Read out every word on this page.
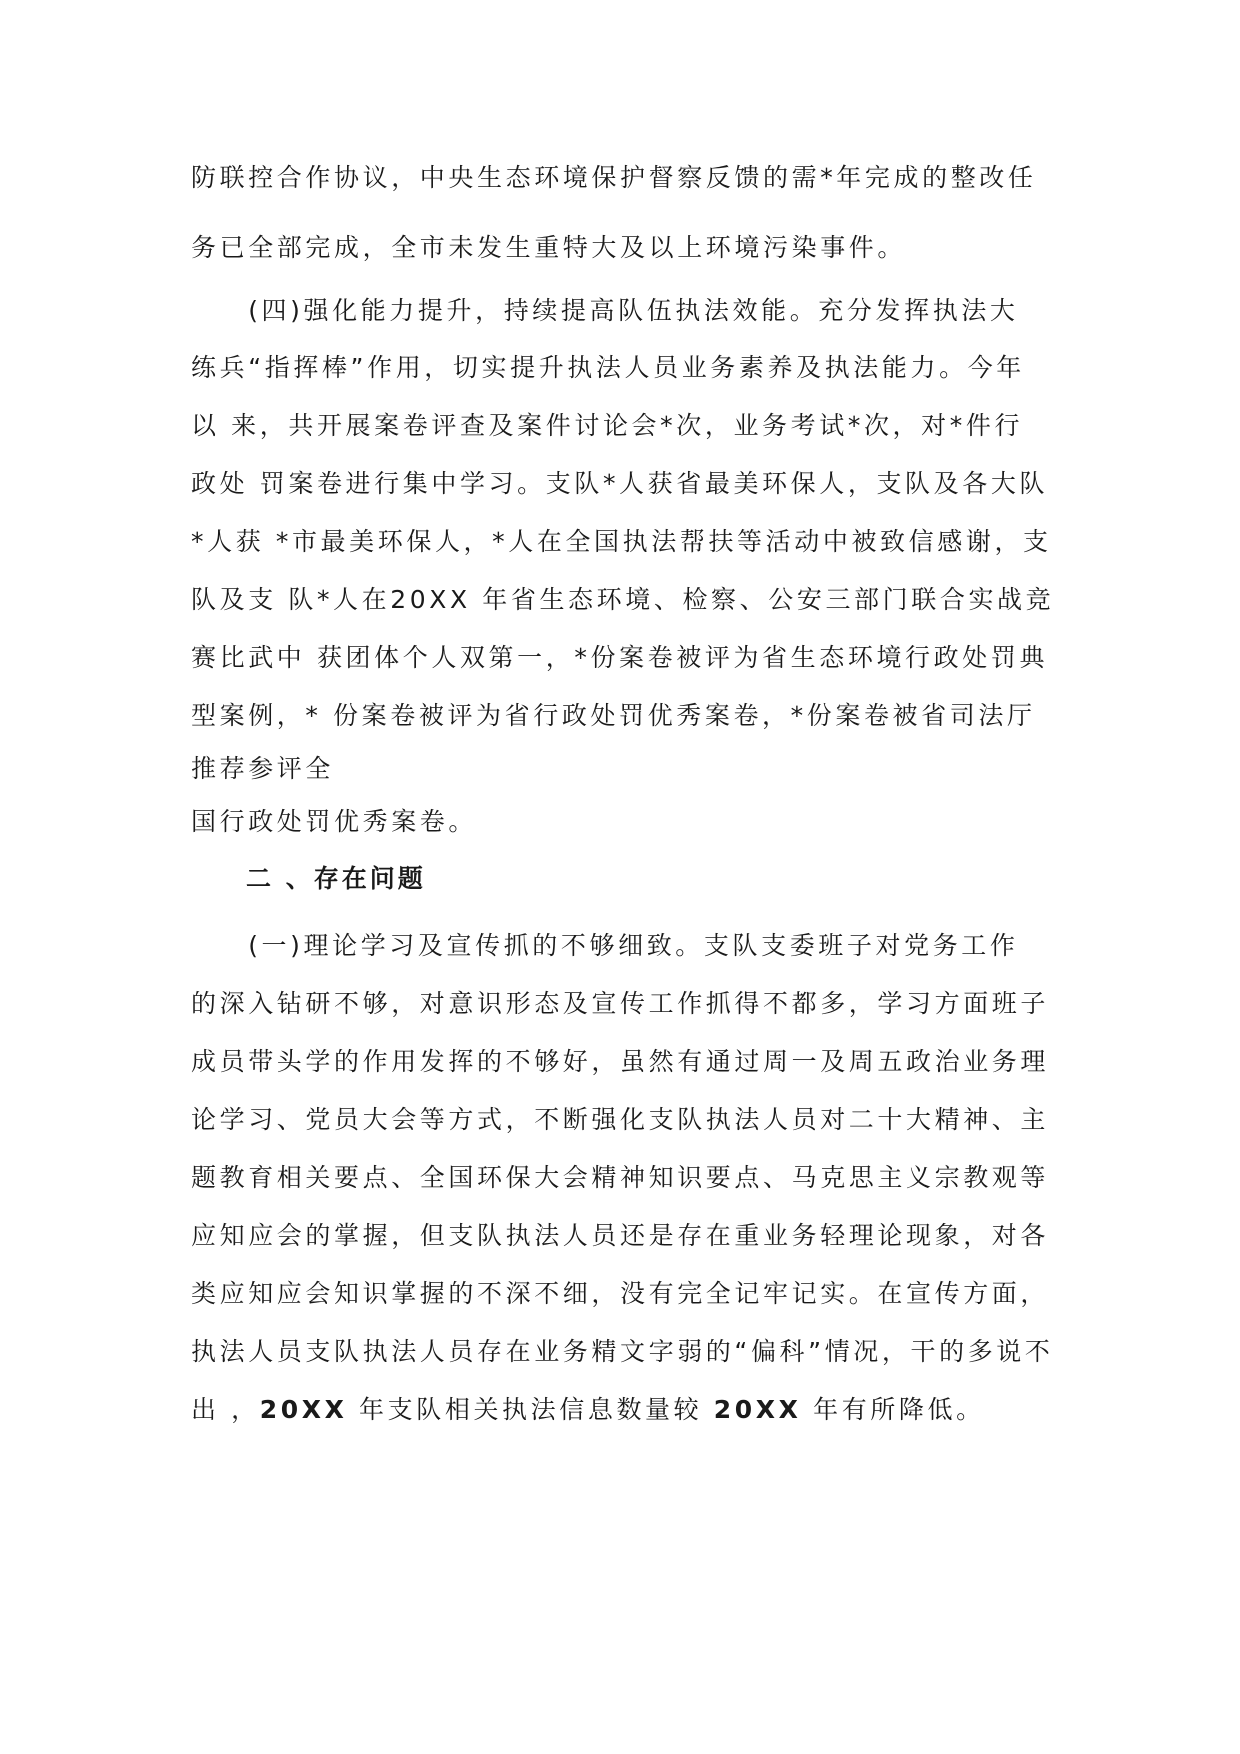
防联控合作协议，中央生态环境保护督察反馈的需*年完成的整改任
务已全部完成，全市未发生重特大及以上环境污染事件。
　　(四)强化能力提升，持续提高队伍执法效能。充分发挥执法大
练兵“指挥棒”作用，切实提升执法人员业务素养及执法能力。今年
以 来，共开展案卷评查及案件讨论会*次，业务考试*次，对*件行
政处 罚案卷进行集中学习。支队*人获省最美环保人，支队及各大队
*人获 *市最美环保人，*人在全国执法帮扶等活动中被致信感谢，支
队及支 队*人在20XX 年省生态环境、检察、公安三部门联合实战竞
赛比武中 获团体个人双第一，*份案卷被评为省生态环境行政处罚典
型案例，* 份案卷被评为省行政处罚优秀案卷，*份案卷被省司法厅
推荐参评全
国行政处罚优秀案卷。
二 、存在问题
　　(一)理论学习及宣传抓的不够细致。支队支委班子对党务工作
的深入钻研不够，对意识形态及宣传工作抓得不都多，学习方面班子
成员带头学的作用发挥的不够好，虽然有通过周一及周五政治业务理
论学习、党员大会等方式，不断强化支队执法人员对二十大精神、主
题教育相关要点、全国环保大会精神知识要点、马克思主义宗教观等
应知应会的掌握，但支队执法人员还是存在重业务轻理论现象，对各
类应知应会知识掌握的不深不细，没有完全记牢记实。在宣传方面，
执法人员支队执法人员存在业务精文字弱的“偏科”情况，干的多说不
出 ，20XX 年支队相关执法信息数量较 20XX 年有所降低。
